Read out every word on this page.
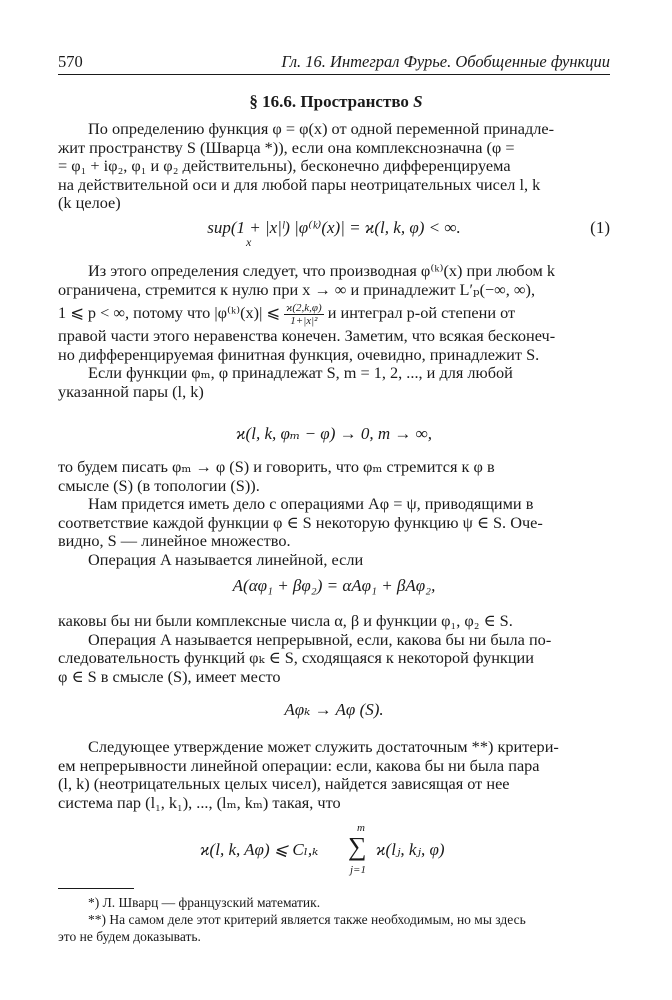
570	Гл. 16. Интеграл Фурье. Обобщенные функции
§ 16.6. Пространство S

По определению функция φ = φ(x) от одной переменной принадле-

жит пространству S (Шварца *)), если она комплекснозначна (φ =

= φ₁ + iφ₂, φ₁ и φ₂ действительны), бесконечно дифференцируема

на действительной оси и для любой пары неотрицательных чисел l, k

(k целое)

sup(1 + |x|ˡ) |φ⁽ᵏ⁾(x)| = ϰ(l, k, φ) < ∞.	(1)
x

Из этого определения следует, что производная φ⁽ᵏ⁾(x) при любом k

ограничена, стремится к нулю при x → ∞ и принадлежит L′ₚ(−∞, ∞),

1 ⩽ p < ∞, потому что |φ⁽ᵏ⁾(x)| ⩽ $\frac{ϰ(2,k,\varphi)}{\text{1+|x|²}}$ и интеграл p-ой степени от

правой части этого неравенства конечен. Заметим, что всякая бесконеч-

но дифференцируемая финитная функция, очевидно, принадлежит S.

Если функции φₘ, φ принадлежат S, m = 1, 2, ..., и для любой

указанной пары (l, k)

ϰ(l, k, φₘ − φ) → 0, m → ∞,

то будем писать φₘ → φ (S) и говорить, что φₘ стремится к φ в

смысле (S) (в топологии (S)).

Нам придется иметь дело с операциями Aφ = ψ, приводящими в

соответствие каждой функции φ ∈ S некоторую функцию ψ ∈ S. Оче-

видно, S — линейное множество.

Операция A называется линейной, если

A(αφ₁ + βφ₂) = αAφ₁ + βAφ₂,

каковы бы ни были комплексные числа α, β и функции φ₁, φ₂ ∈ S.

Операция A называется непрерывной, если, какова бы ни была по-

следовательность функций φₖ ∈ S, сходящаяся к некоторой функции

φ ∈ S в смысле (S), имеет место

Aφₖ → Aφ (S).

Следующее утверждение может служить достаточным **) критери-

ем непрерывности линейной операции: если, какова бы ни была пара

(l, k) (неотрицательных целых чисел), найдется зависящая от нее

система пар (l₁, k₁), ..., (lₘ, kₘ) такая, что

ϰ(l, k, Aφ) ⩽ Cₗ,ₖ
m
∑
j=1
ϰ(lⱼ, kⱼ, φ)

*) Л. Шварц — французский математик.

**) На самом деле этот критерий является также необходимым, но мы здесь

это не будем доказывать.
